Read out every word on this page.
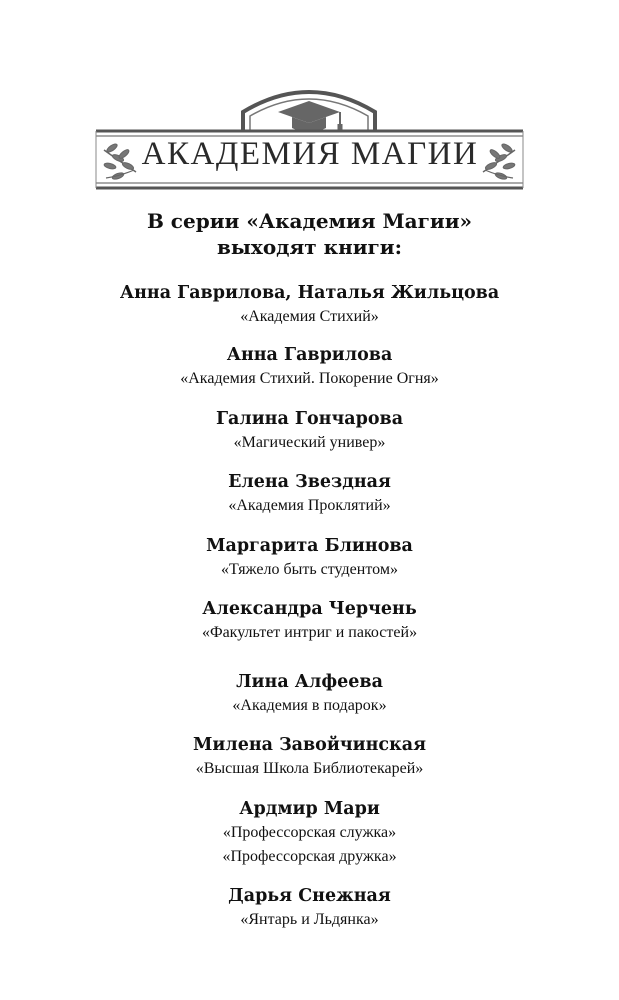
АКАДЕМИЯ МАГИИ
В серии «Академия Магии»
выходят книги:
Анна Гаврилова, Наталья Жильцова
«Академия Стихий»
Анна Гаврилова
«Академия Стихий. Покорение Огня»
Галина Гончарова
«Магический универ»
Елена Звездная
«Академия Проклятий»
Маргарита Блинова
«Тяжело быть студентом»
Александра Черчень
«Факультет интриг и пакостей»
Лина Алфеева
«Академия в подарок»
Милена Завойчинская
«Высшая Школа Библиотекарей»
Ардмир Мари
«Профессорская служка»
«Профессорская дружка»
Дарья Снежная
«Янтарь и Льдянка»
